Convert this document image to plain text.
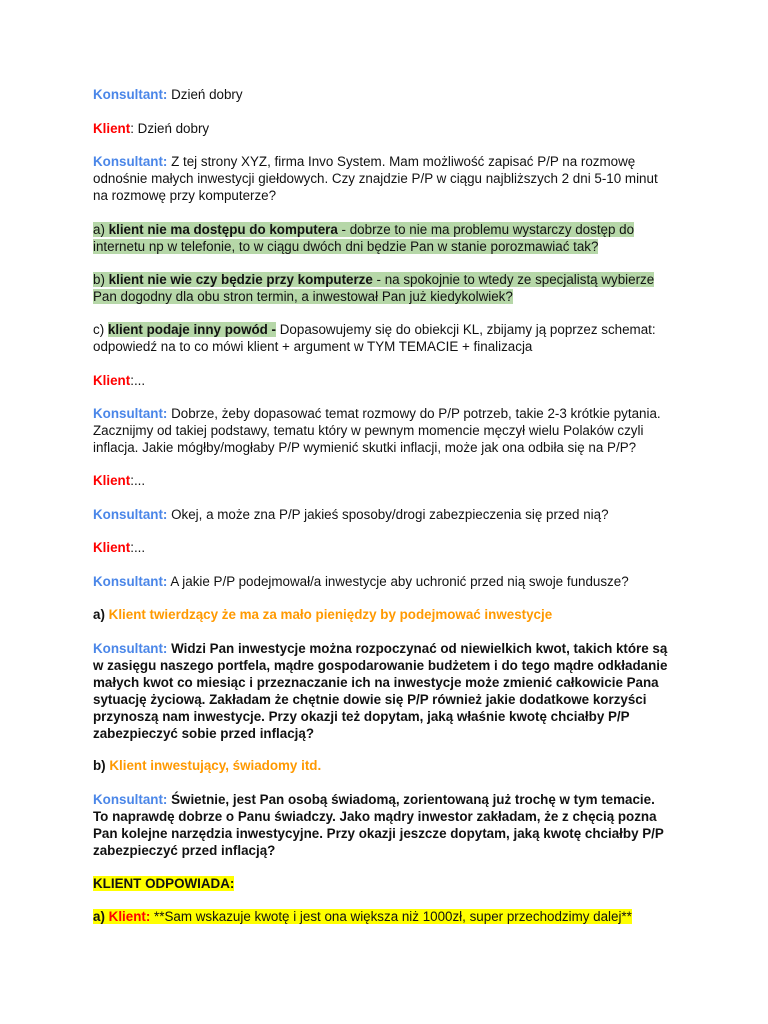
Konsultant: Dzień dobry

Klient: Dzień dobry

Konsultant: Z tej strony XYZ, firma Invo System. Mam możliwość zapisać P/P na rozmowę odnośnie małych inwestycji giełdowych. Czy znajdzie P/P w ciągu najbliższych 2 dni 5-10 minut na rozmowę przy komputerze?

a) klient nie ma dostępu do komputera - dobrze to nie ma problemu wystarczy dostęp do internetu np w telefonie, to w ciągu dwóch dni będzie Pan w stanie porozmawiać tak?

b) klient nie wie czy będzie przy komputerze - na spokojnie to wtedy ze specjalistą wybierze Pan dogodny dla obu stron termin, a inwestował Pan już kiedykolwiek?

c) klient podaje inny powód - Dopasowujemy się do obiekcji KL, zbijamy ją poprzez schemat: odpowiedź na to co mówi klient + argument w TYM TEMACIE + finalizacja

Klient:...

Konsultant: Dobrze, żeby dopasować temat rozmowy do P/P potrzeb, takie 2-3 krótkie pytania. Zacznijmy od takiej podstawy, tematu który w pewnym momencie męczył wielu Polaków czyli inflacja. Jakie mógłby/mogłaby P/P wymienić skutki inflacji, może jak ona odbiła się na P/P?

Klient:...

Konsultant: Okej, a może zna P/P jakieś sposoby/drogi zabezpieczenia się przed nią?

Klient:...

Konsultant: A jakie P/P podejmował/a inwestycje aby uchronić przed nią swoje fundusze?

a) Klient twierdzący że ma za mało pieniędzy by podejmować inwestycje

Konsultant: Widzi Pan inwestycje można rozpoczynać od niewielkich kwot, takich które są w zasięgu naszego portfela, mądre gospodarowanie budżetem i do tego mądre odkładanie małych kwot co miesiąc i przeznaczanie ich na inwestycje może zmienić całkowicie Pana sytuację życiową. Zakładam że chętnie dowie się P/P również jakie dodatkowe korzyści przynoszą nam inwestycje. Przy okazji też dopytam, jaką właśnie kwotę chciałby P/P zabezpieczyć sobie przed inflacją?

b) Klient inwestujący, świadomy itd.

Konsultant: Świetnie, jest Pan osobą świadomą, zorientowaną już trochę w tym temacie. To naprawdę dobrze o Panu świadczy. Jako mądry inwestor zakładam, że z chęcią pozna Pan kolejne narzędzia inwestycyjne. Przy okazji jeszcze dopytam, jaką kwotę chciałby P/P zabezpieczyć przed inflacją?

KLIENT ODPOWIADA:

a) Klient: **Sam wskazuje kwotę i jest ona większa niż 1000zł, super przechodzimy dalej**
